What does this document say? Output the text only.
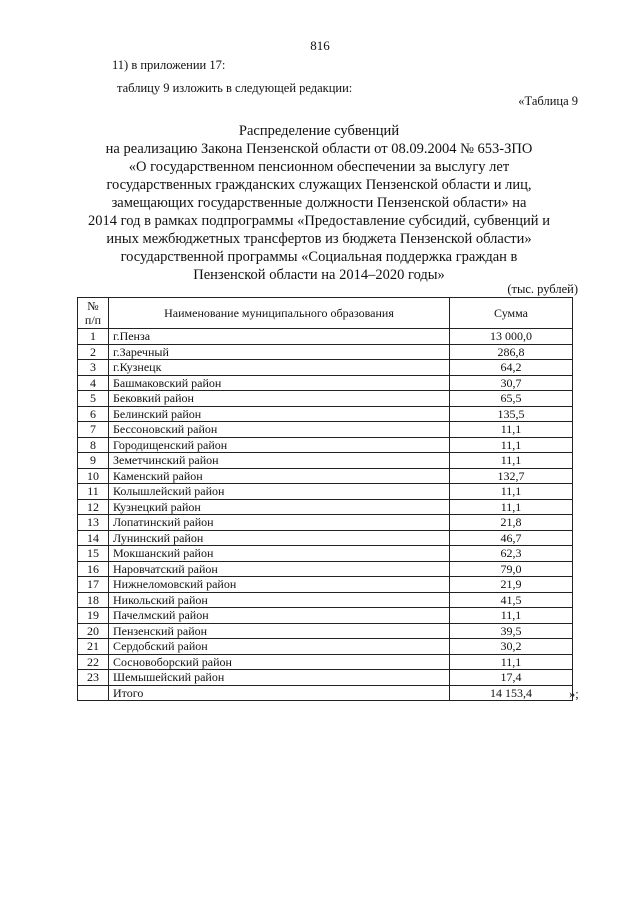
816
11) в приложении 17:
таблицу 9 изложить в следующей редакции:
«Таблица 9
Распределение субвенций
на реализацию Закона Пензенской области от 08.09.2004 № 653-ЗПО
«О государственном пенсионном обеспечении за выслугу лет
государственных гражданских служащих Пензенской области и лиц,
замещающих государственные должности Пензенской области» на
2014 год в рамках подпрограммы «Предоставление субсидий, субвенций и
иных межбюджетных трансфертов из бюджета Пензенской области»
государственной программы «Социальная поддержка граждан в
Пензенской области на 2014–2020 годы»
(тыс. рублей)
№
п/п	Наименование муниципального образования	Сумма
1	г.Пенза	13 000,0
2	г.Заречный	286,8
3	г.Кузнецк	64,2
4	Башмаковский район	30,7
5	Бековкий район	65,5
6	Белинский район	135,5
7	Бессоновский район	11,1
8	Городищенский район	11,1
9	Земетчинский район	11,1
10	Каменский район	132,7
11	Колышлейский район	11,1
12	Кузнецкий район	11,1
13	Лопатинский район	21,8
14	Лунинский район	46,7
15	Мокшанский район	62,3
16	Наровчатский район	79,0
17	Нижнеломовский район	21,9
18	Никольский район	41,5
19	Пачелмский район	11,1
20	Пензенский район	39,5
21	Сердобский район	30,2
22	Сосновоборский район	11,1
23	Шемышейский район	17,4
	Итого	14 153,4	»;
